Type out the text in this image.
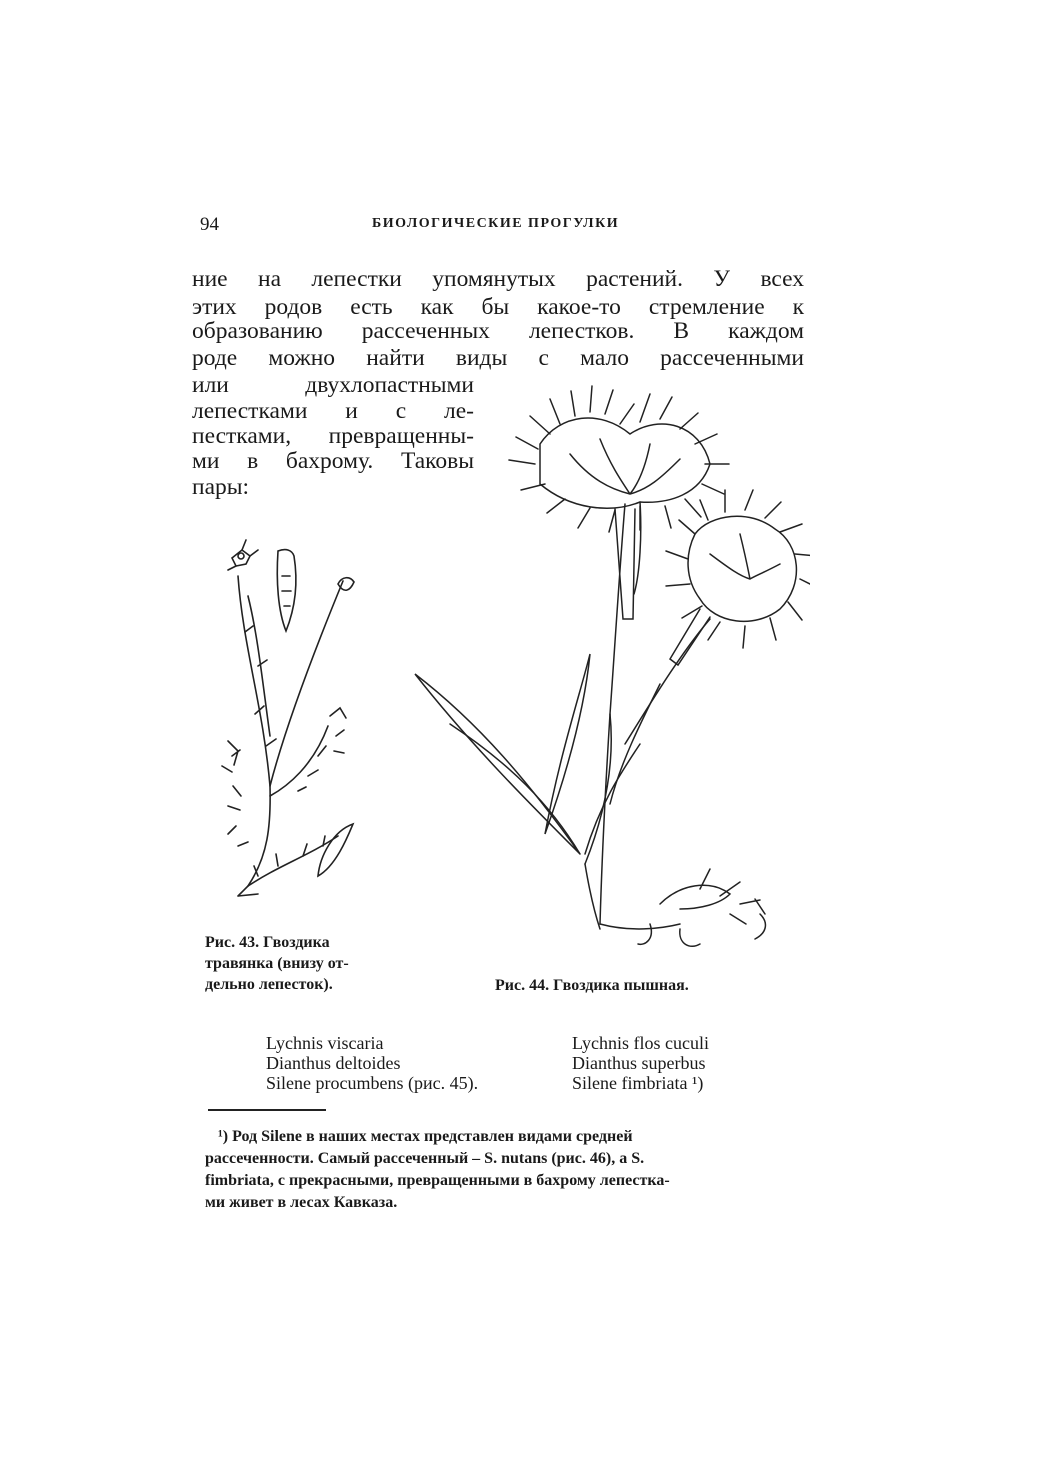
94	БИОЛОГИЧЕСКИЕ ПРОГУЛКИ
ние на лепестки упомянутых растений. У всех
этих родов есть как бы какое-то стремление к
образованию рассеченных лепестков. В каждом
роде можно найти виды с мало рассеченными
или двухлопастными
лепестками и с ле-
пестками, превращенны-
ми в бахрому. Таковы
пары:
Рис. 43. Гвоздика
травянка (внизу от-
дельно лепесток).	Рис. 44. Гвоздика пышная.
Lychnis viscaria
Dianthus deltoides
Silene procumbens (рис. 45).
Lychnis flos cuculi
Dianthus superbus
Silene fimbriata ¹)
¹) Род Silene в наших местах представлен видами средней
рассеченности. Самый рассеченный – S. nutans (рис. 46), а S.
fimbriata, с прекрасными, превращенными в бахрому лепестка-
ми живет в лесах Кавказа.
